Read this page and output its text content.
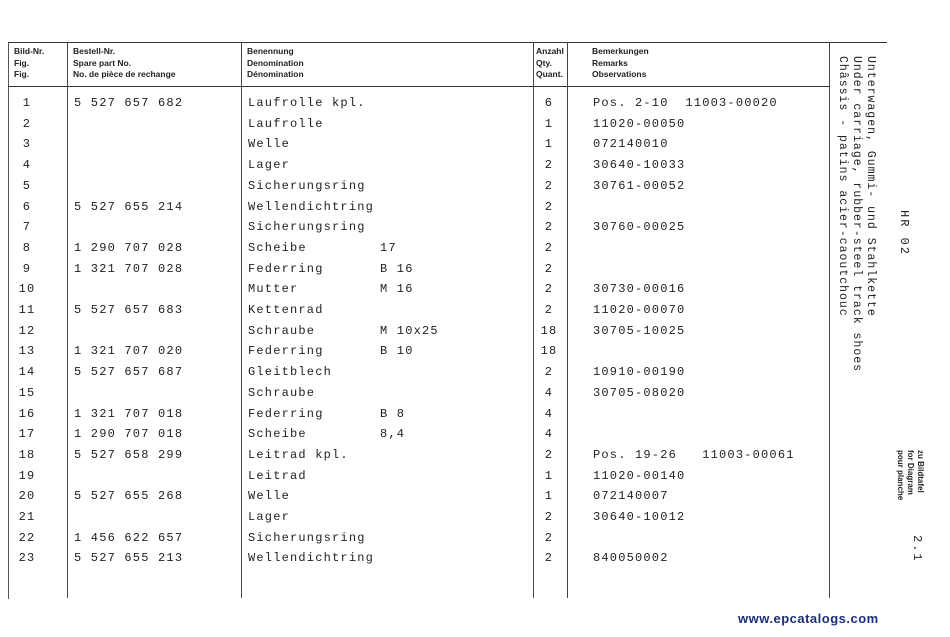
Bild-Nr.
Fig.
Fig.
Bestell-Nr.
Spare part No.
No. de pièce de rechange
Benennung
Denomination
Dénomination
Anzahl
Qty.
Quant.
Bemerkungen
Remarks
Observations
1	5 527 657 682	Laufrolle kpl.	6	Pos. 2-10  11003-00020
2	Laufrolle	1	11020-00050
3	Welle	1	072140010
4	Lager	2	30640-10033
5	Sicherungsring	2	30761-00052
6	5 527 655 214	Wellendichtring	2
7	Sicherungsring	2	30760-00025
8	1 290 707 028	Scheibe	17	2
9	1 321 707 028	Federring	B 16	2
10	Mutter	M 16	2	30730-00016
11	5 527 657 683	Kettenrad	2	11020-00070
12	Schraube	M 10x25	18	30705-10025
13	1 321 707 020	Federring	B 10	18
14	5 527 657 687	Gleitblech	2	10910-00190
15	Schraube	4	30705-08020
16	1 321 707 018	Federring	B 8	4
17	1 290 707 018	Scheibe	8,4	4
18	5 527 658 299	Leitrad kpl.	2	Pos. 19-26   11003-00061
19	Leitrad	1	11020-00140
20	5 527 655 268	Welle	1	072140007
21	Lager	2	30640-10012
22	1 456 622 657	Sicherungsring	2
23	5 527 655 213	Wellendichtring	2	840050002
Unterwagen, Gummi- und Stahlkette
Under carriage, rubber-steel track shoes
Châssis - patins acier-caoutchouc	HR 02
zu Bildtafel
for Diagram
pour planche
2.1
www.epcatalogs.com
